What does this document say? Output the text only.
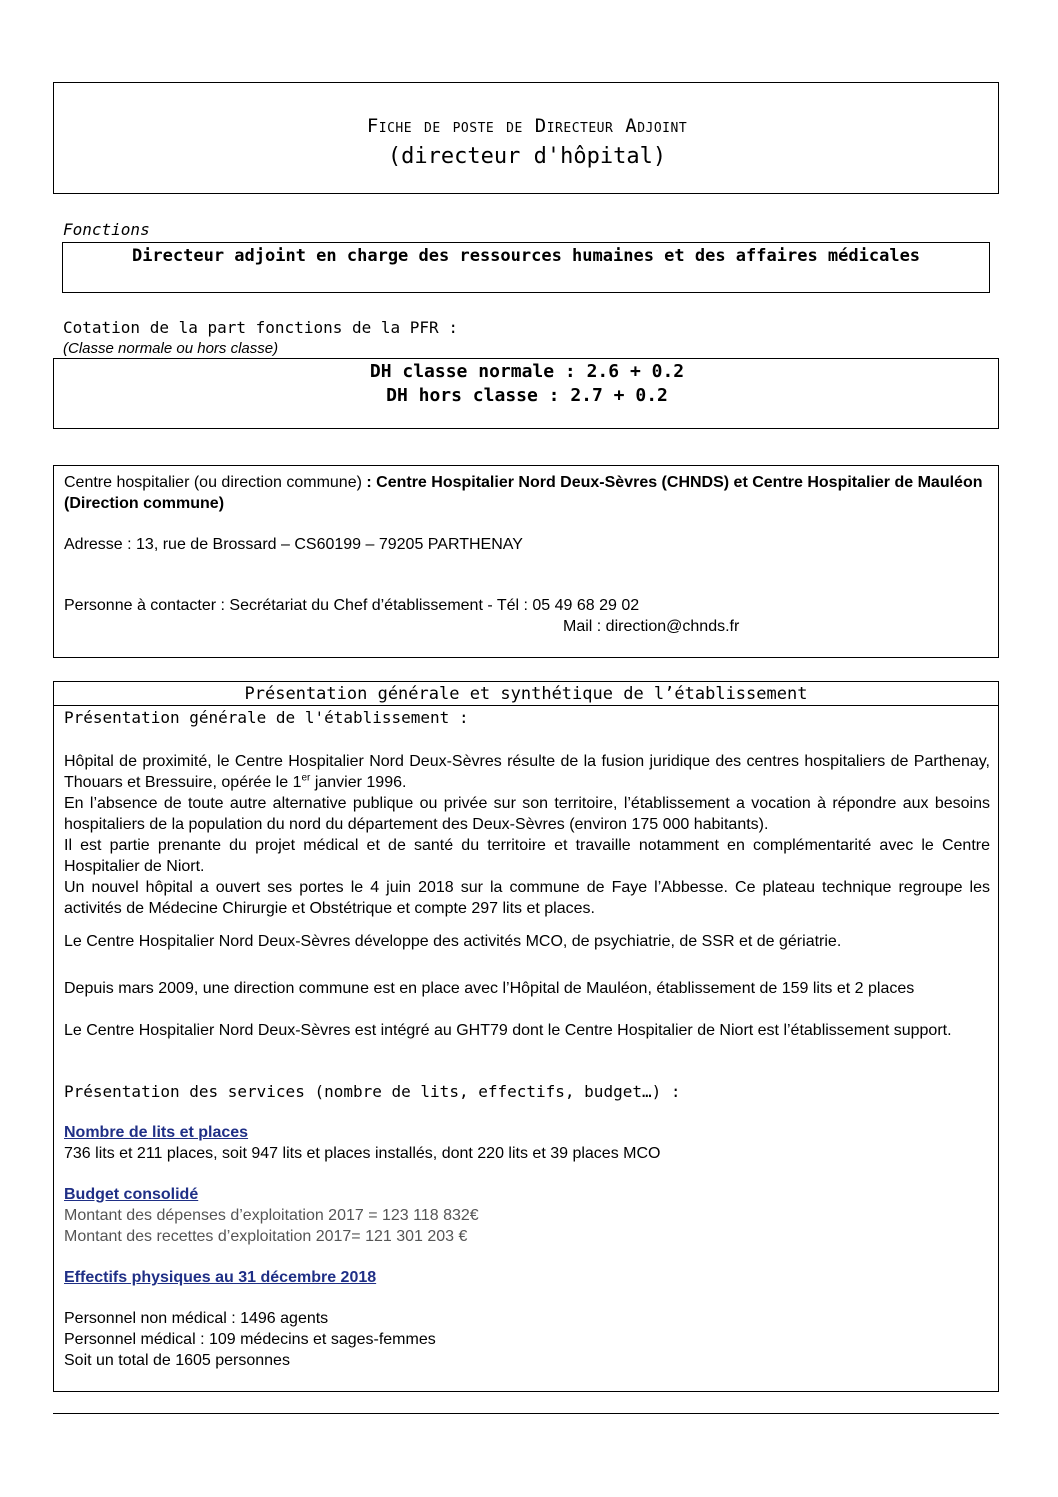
Fiche de poste de Directeur Adjoint
(directeur d'hôpital)
Fonctions
Directeur adjoint en charge des ressources humaines et des affaires médicales
Cotation de la part fonctions de la PFR :
(Classe normale ou hors classe)
DH classe normale : 2.6 + 0.2
DH hors classe : 2.7 + 0.2
Centre hospitalier (ou direction commune) : Centre Hospitalier Nord Deux-Sèvres (CHNDS) et Centre Hospitalier de Mauléon (Direction commune)
Adresse : 13, rue de Brossard – CS60199 – 79205 PARTHENAY
Personne à contacter : Secrétariat du Chef d’établissement - Tél : 05 49 68 29 02
Mail : direction@chnds.fr
Présentation générale et synthétique de l’établissement
Présentation générale de l'établissement :
Hôpital de proximité, le Centre Hospitalier Nord Deux-Sèvres résulte de la fusion juridique des centres hospitaliers de Parthenay, Thouars et Bressuire, opérée le 1er janvier 1996.
En l’absence de toute autre alternative publique ou privée sur son territoire, l’établissement a vocation à répondre aux besoins hospitaliers de la population du nord du département des Deux-Sèvres (environ 175 000 habitants).
Il est partie prenante du projet médical et de santé du territoire et travaille notamment en complémentarité avec le Centre Hospitalier de Niort.
Un nouvel hôpital a ouvert ses portes le 4 juin 2018 sur la commune de Faye l’Abbesse. Ce plateau technique regroupe les activités de Médecine Chirurgie et Obstétrique et compte 297 lits et places.
Le Centre Hospitalier Nord Deux-Sèvres développe des activités MCO, de psychiatrie, de SSR et de gériatrie.
Depuis mars 2009, une direction commune est en place avec l’Hôpital de Mauléon, établissement de 159 lits et 2 places
Le Centre Hospitalier Nord Deux-Sèvres est intégré au GHT79 dont le Centre Hospitalier de Niort est l’établissement support.
Présentation des services (nombre de lits, effectifs, budget…) :
Nombre de lits et places
736 lits et 211 places, soit 947 lits et places installés, dont 220 lits et 39 places MCO
Budget consolidé
Montant des dépenses d’exploitation 2017 = 123 118 832€
Montant des recettes d’exploitation 2017= 121 301 203 €
Effectifs physiques au 31 décembre 2018
Personnel non médical : 1496 agents
Personnel médical : 109 médecins et sages-femmes
Soit un total de 1605 personnes
